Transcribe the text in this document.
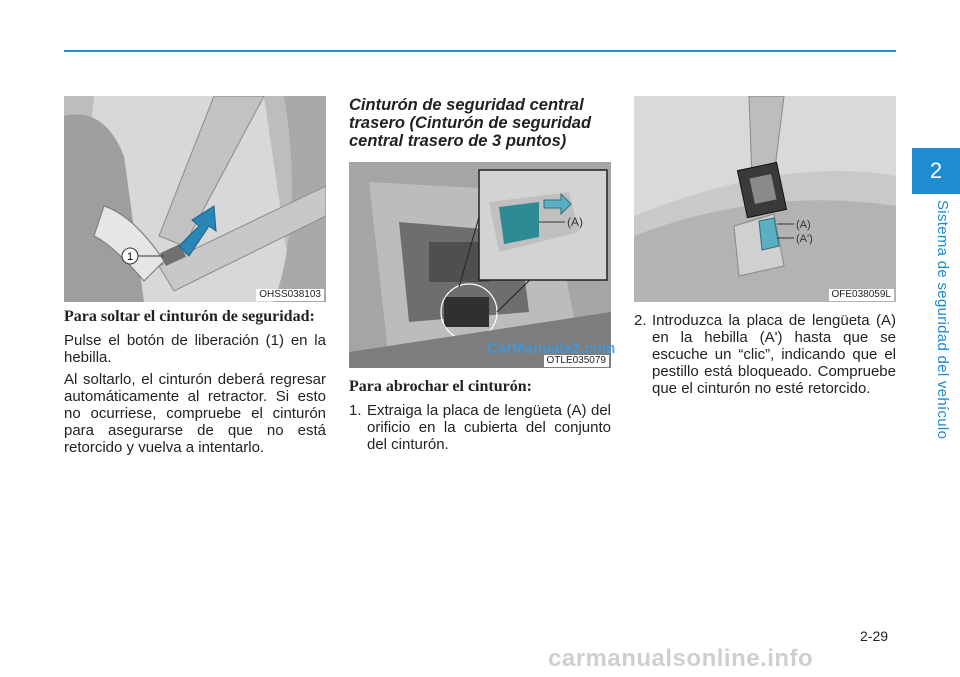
2
Sistema de seguridad del vehículo
1
OHSS038103
Para soltar el cinturón de seguridad:

Pulse el botón de liberación (1) en la hebilla.

Al soltarlo, el cinturón deberá regresar automáticamente al retractor. Si esto no ocurriese, compruebe el cinturón para asegurarse de que no está retorcido y vuelva a intentarlo.

Cinturón de seguridad central trasero (Cinturón de seguridad central trasero de 3 puntos)
(A)
OTLE035079
Para abrochar el cinturón:
1. Extraiga la placa de lengüeta (A) del orificio en la cubierta del conjunto del cinturón.
(A)
(A')
OFE038059L
2. Introduzca la placa de lengüeta (A) en la hebilla (A') hasta que se escuche un “clic”, indicando que el pestillo está bloqueado. Compruebe que el cinturón no esté retorcido.
2-29
CarManuals2.com
carmanualsonline.info
